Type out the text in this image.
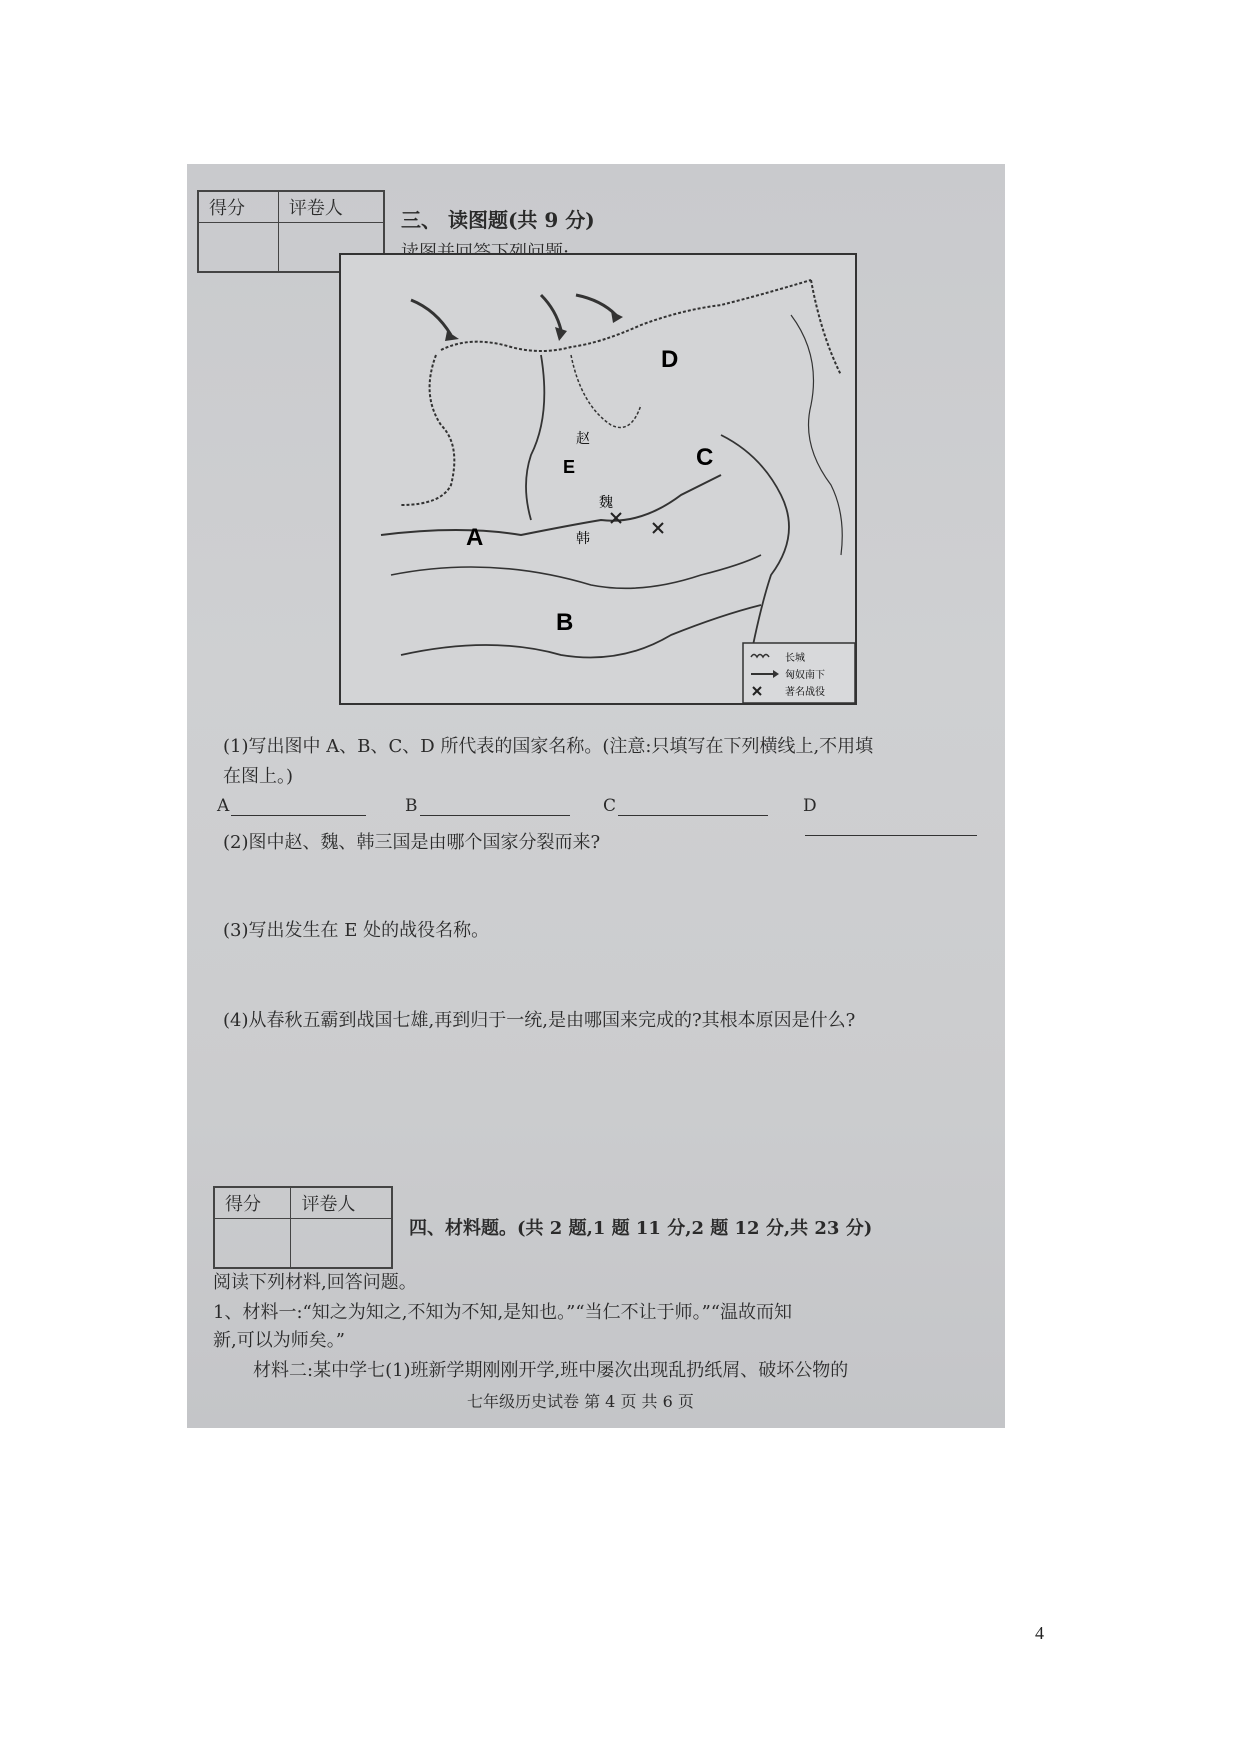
得分	评卷人
		三、 读图题(共 9 分)
D
C
A
B
E
赵
魏
韩
长城
匈奴南下
著名战役
(1)写出图中 A、B、C、D 所代表的国家名称。(注意:只填写在下列横线上,不用填
在图上。)
A	B	C	D
(2)图中赵、魏、韩三国是由哪个国家分裂而来?
(3)写出发生在 E 处的战役名称。
(4)从春秋五霸到战国七雄,再到归于一统,是由哪国来完成的?其根本原因是什么?
得分	评卷人

四、材料题。(共 2 题,1 题 11 分,2 题 12 分,共 23 分)
阅读下列材料,回答问题。
1、材料一:“知之为知之,不知为不知,是知也。”“当仁不让于师。”“温故而知
新,可以为师矣。”
材料二:某中学七(1)班新学期刚刚开学,班中屡次出现乱扔纸屑、破坏公物的
七年级历史试卷 第 4 页 共 6 页
4
